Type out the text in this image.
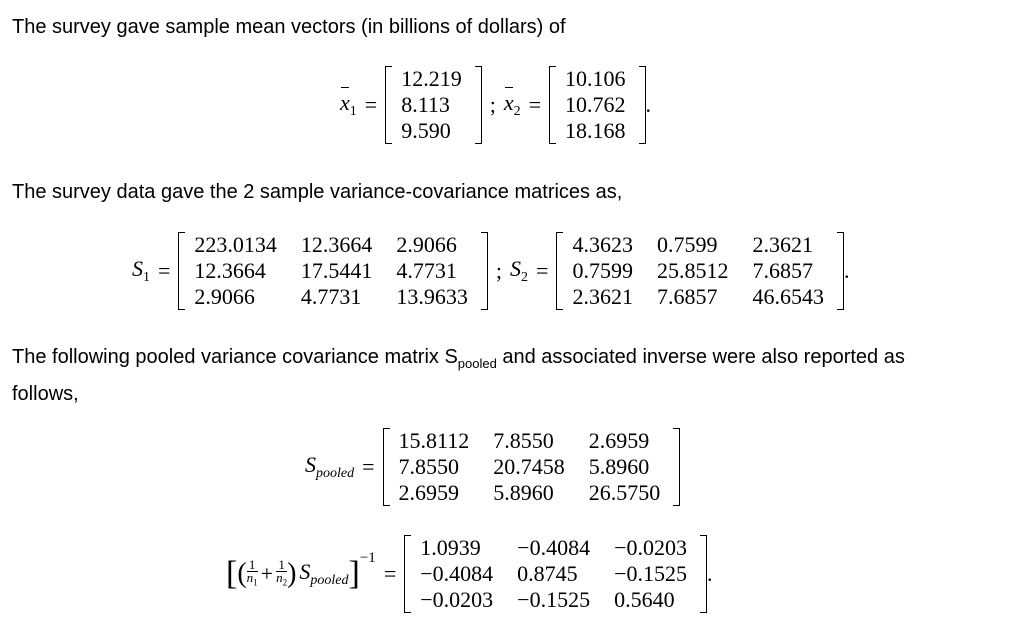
The survey gave sample mean vectors (in billions of dollars) of
$x_1$ =
12.219
8.113
9.590
; $x_2$ =
10.106
10.762
18.168
.
The survey data gave the 2 sample variance-covariance matrices as,
$S_1$ =
223.0134	12.3664	2.9066
12.3664	17.5441	4.7731
2.9066	4.7731	13.9633
; $S_2$ =
4.3623	0.7599	2.3621
0.7599	25.8512	7.6857
2.3621	7.6857	46.6543
.
The following pooled variance covariance matrix $S_{pooled}$ and associated inverse were also reported as
follows,
$S_{pooled}$ =
15.8112	7.8550	2.6959
7.8550	20.7458	5.8960
2.6959	5.8960	26.5750
[ ( $\frac{1}{n_1} + \frac{1}{n_2}$ ) $S_{pooled}$ ] −1
=
1.0939	−0.4084	−0.0203
−0.4084	0.8745	−0.1525
−0.0203	−0.1525	0.5640
.
